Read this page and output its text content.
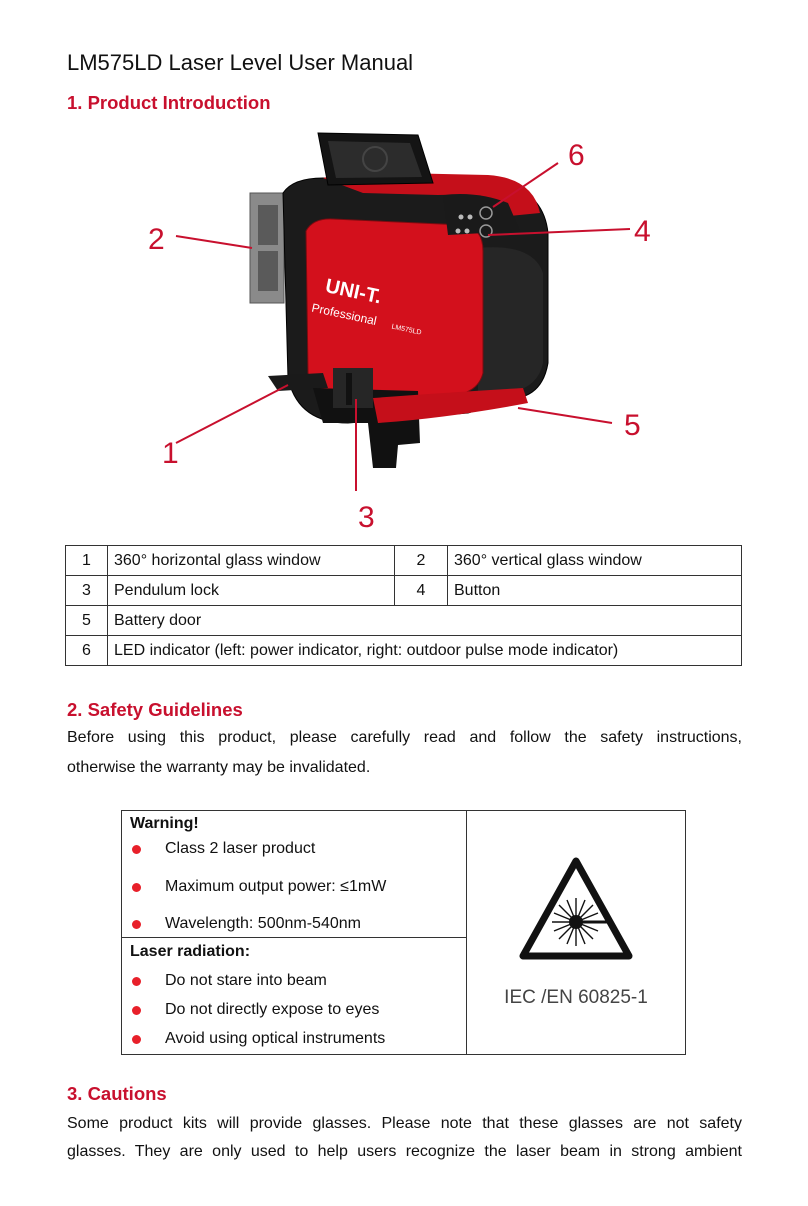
LM575LD Laser Level User Manual
1. Product Introduction
UNI-T.
Professional
LM575LD
2
6
4
5
1
3
1	360° horizontal glass window	2	360° vertical glass window
3	Pendulum lock	4	Button
5	Battery door		
6	LED indicator (left: power indicator, right: outdoor pulse mode indicator)		
2. Safety Guidelines
Before using this product, please carefully read and follow the safety instructions,
otherwise the warranty may be invalidated.
Warning!
Class 2 laser product
Maximum output power: ≤1mW
Wavelength: 500nm-540nm
Laser radiation:
Do not stare into beam
Do not directly expose to eyes
Avoid using optical instruments
IEC /EN 60825-1
3. Cautions
Some product kits will provide glasses. Please note that these glasses are not safety
glasses. They are only used to help users recognize the laser beam in strong ambient
